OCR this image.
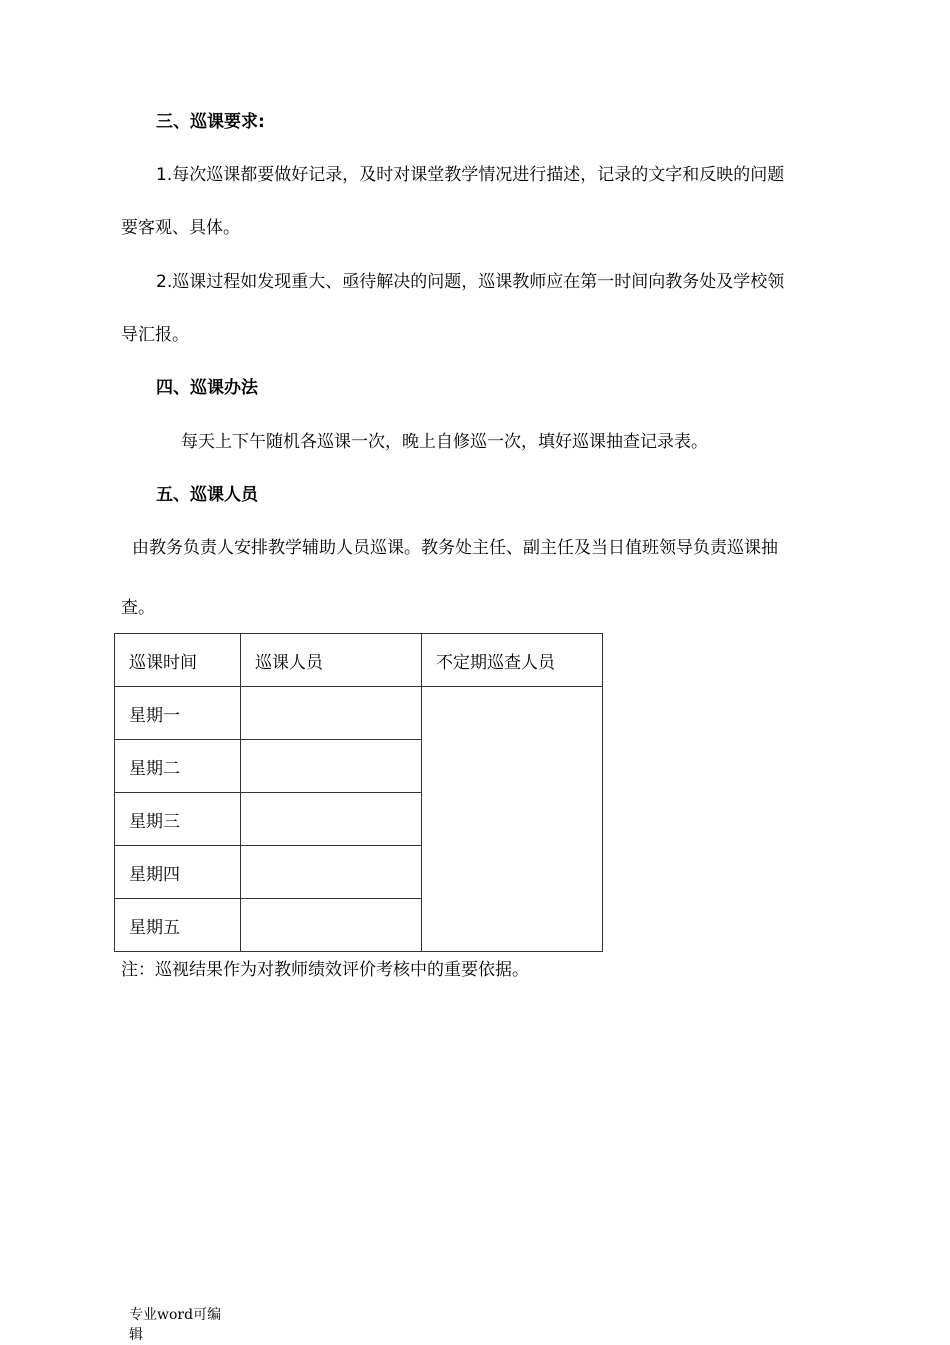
三、巡课要求:
1.每次巡课都要做好记录，及时对课堂教学情况进行描述，记录的文字和反映的问题
要客观、具体。
2.巡课过程如发现重大、亟待解决的问题，巡课教师应在第一时间向教务处及学校领
导汇报。
四、巡课办法
每天上下午随机各巡课一次，晚上自修巡一次，填好巡课抽查记录表。
五、巡课人员
由教务负责人安排教学辅助人员巡课。教务处主任、副主任及当日值班领导负责巡课抽
查。
巡课时间	巡课人员	不定期巡查人员
星期一		
星期二		
星期三		
星期四		
星期五		
注：巡视结果作为对教师绩效评价考核中的重要依据。
专业word可编辑
